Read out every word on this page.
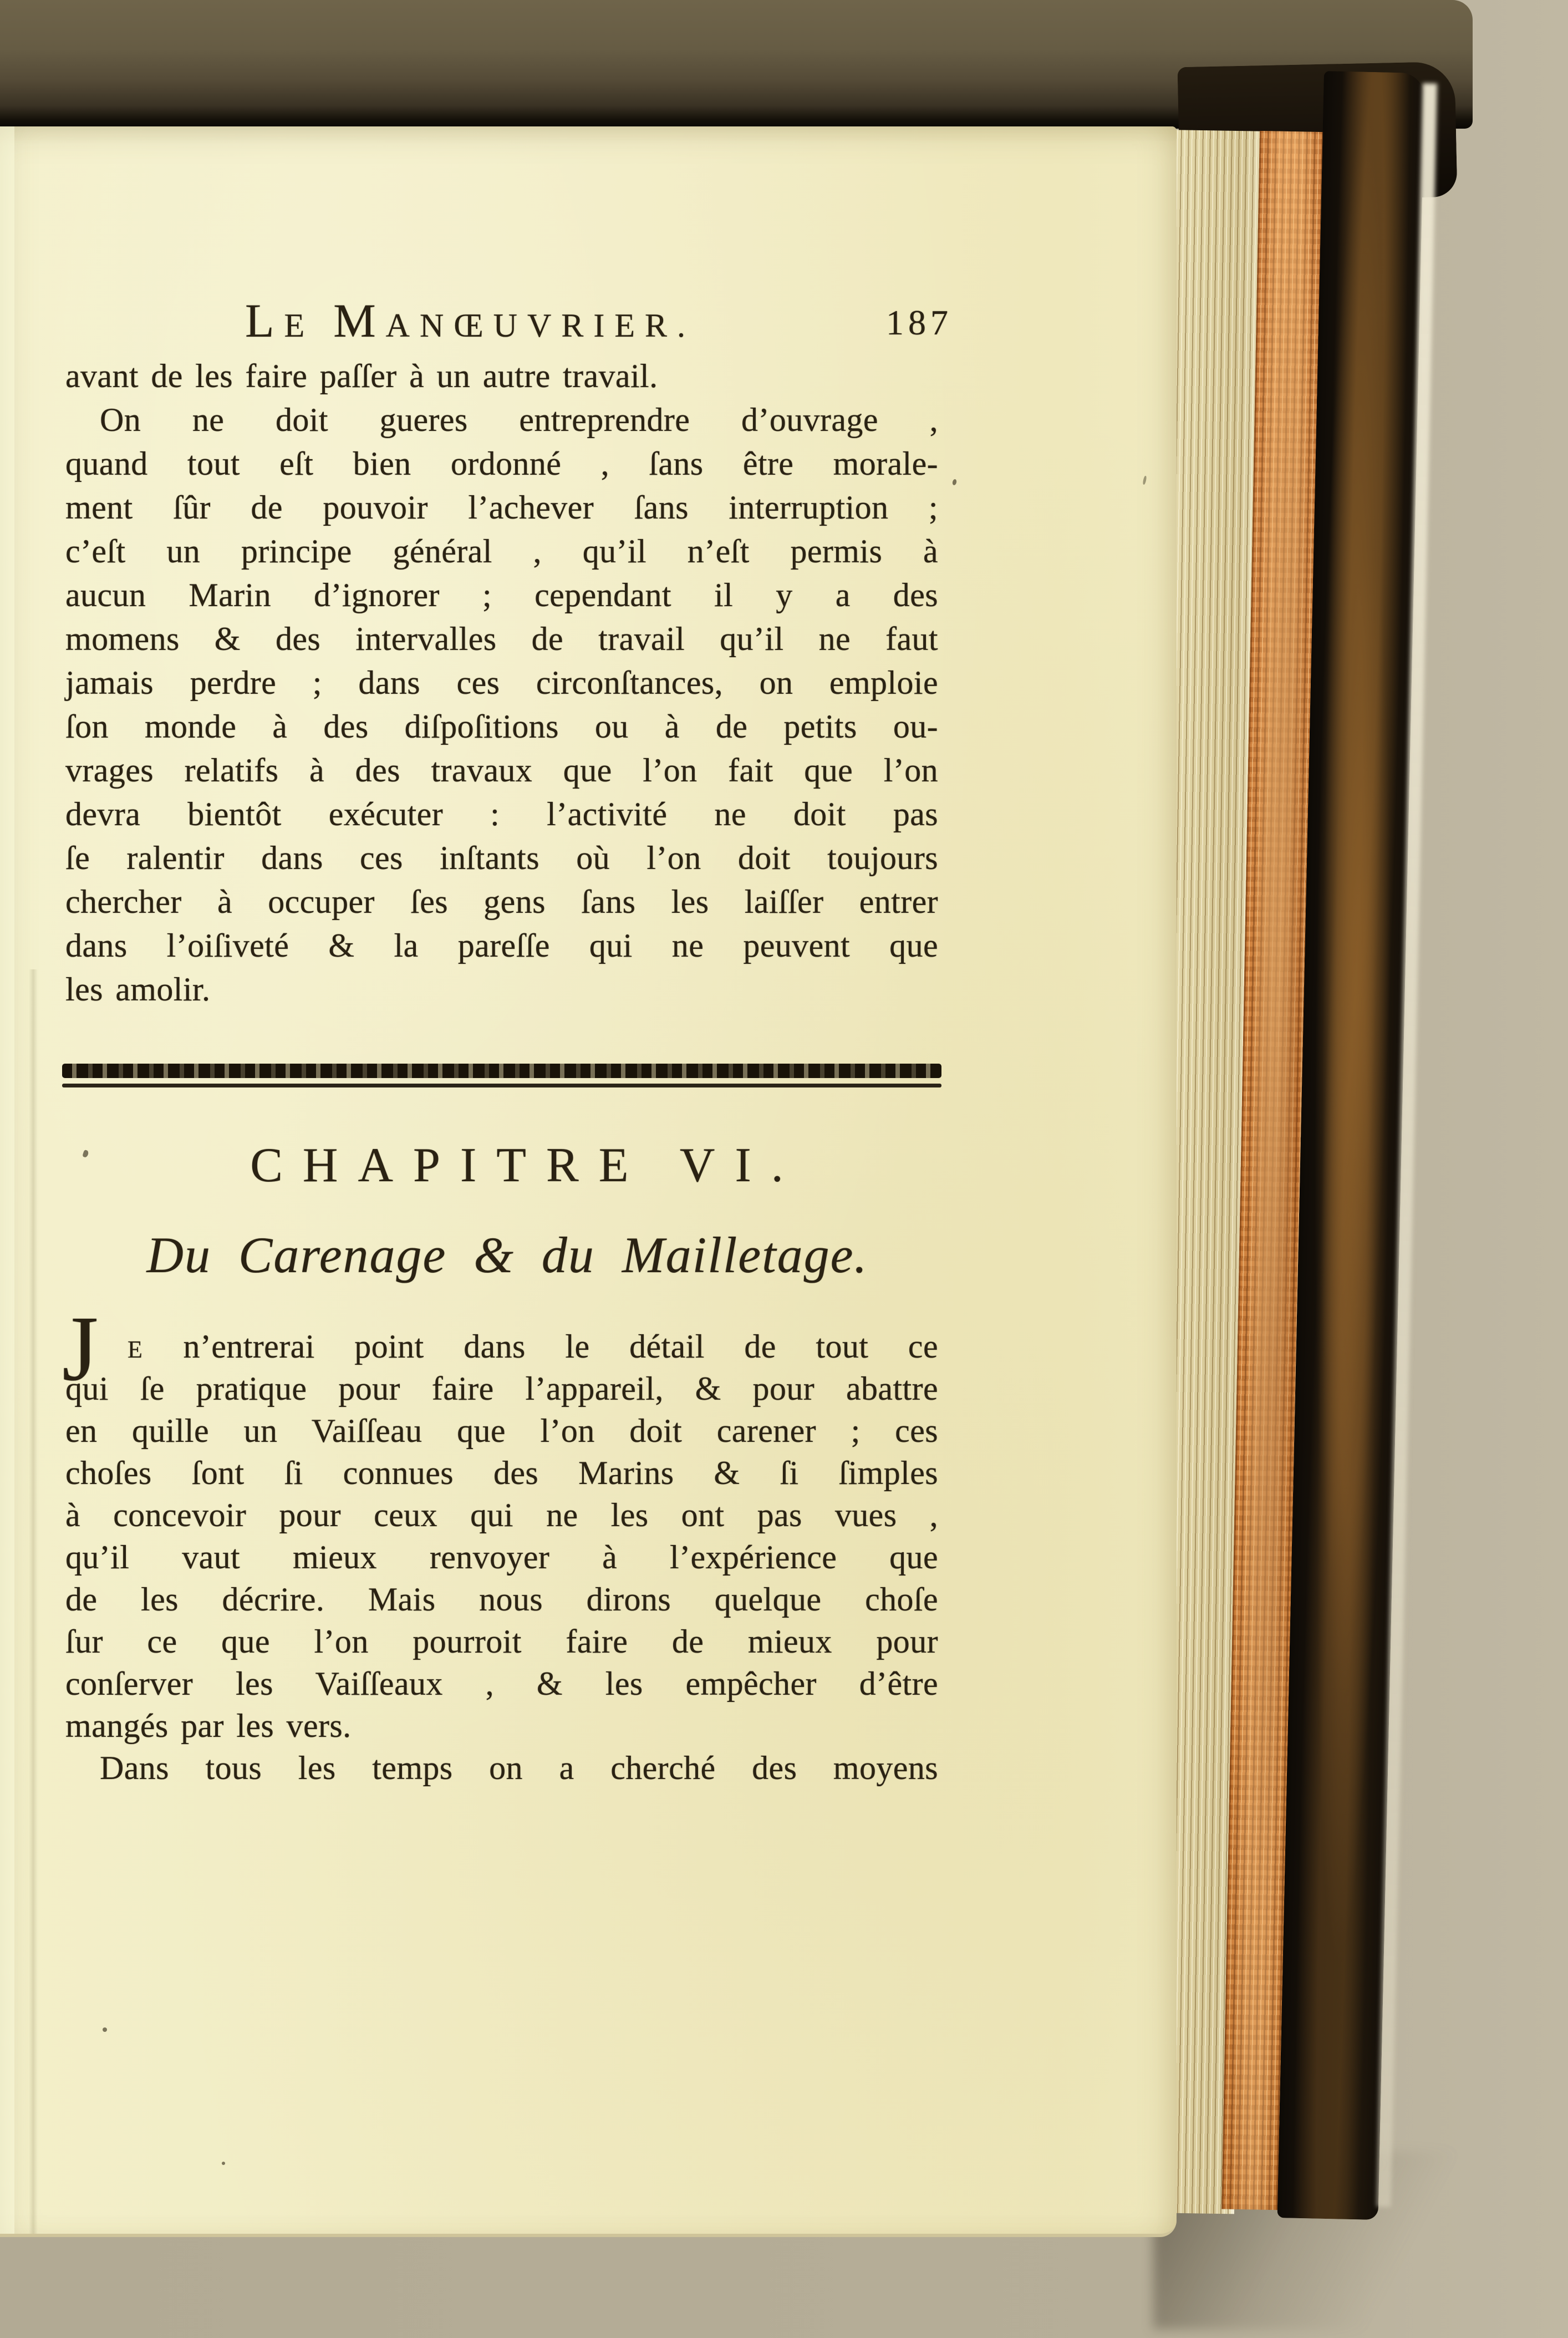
LE MANŒUVRIER.	187
avant de les faire paſſer à un autre travail.
On ne doit gueres entreprendre d’ouvrage ,
quand tout eſt bien ordonné , ſans être morale-
ment ſûr de pouvoir l’achever ſans interruption ;
c’eſt un principe général , qu’il n’eſt permis à
aucun Marin d’ignorer ; cependant il y a des
momens & des intervalles de travail qu’il ne faut
jamais perdre ; dans ces circonſtances, on emploie
ſon monde à des diſpoſitions ou à de petits ou-
vrages relatifs à des travaux que l’on fait que l’on
devra bientôt exécuter : l’activité ne doit pas
ſe ralentir dans ces inſtants où l’on doit toujours
chercher à occuper ſes gens ſans les laiſſer entrer
dans l’oiſiveté & la pareſſe qui ne peuvent que
les amolir.
CHAPITRE VI.
Du Carenage & du Mailletage.
J	E n’entrerai point dans le détail de tout ce
qui ſe pratique pour faire l’appareil, & pour abattre
en quille un Vaiſſeau que l’on doit carener ; ces
choſes ſont ſi connues des Marins & ſi ſimples
à concevoir pour ceux qui ne les ont pas vues ,
qu’il vaut mieux renvoyer à l’expérience que
de les décrire. Mais nous dirons quelque choſe
ſur ce que l’on pourroit faire de mieux pour
conſerver les Vaiſſeaux , & les empêcher d’être
mangés par les vers.
Dans tous les temps on a cherché des moyens
